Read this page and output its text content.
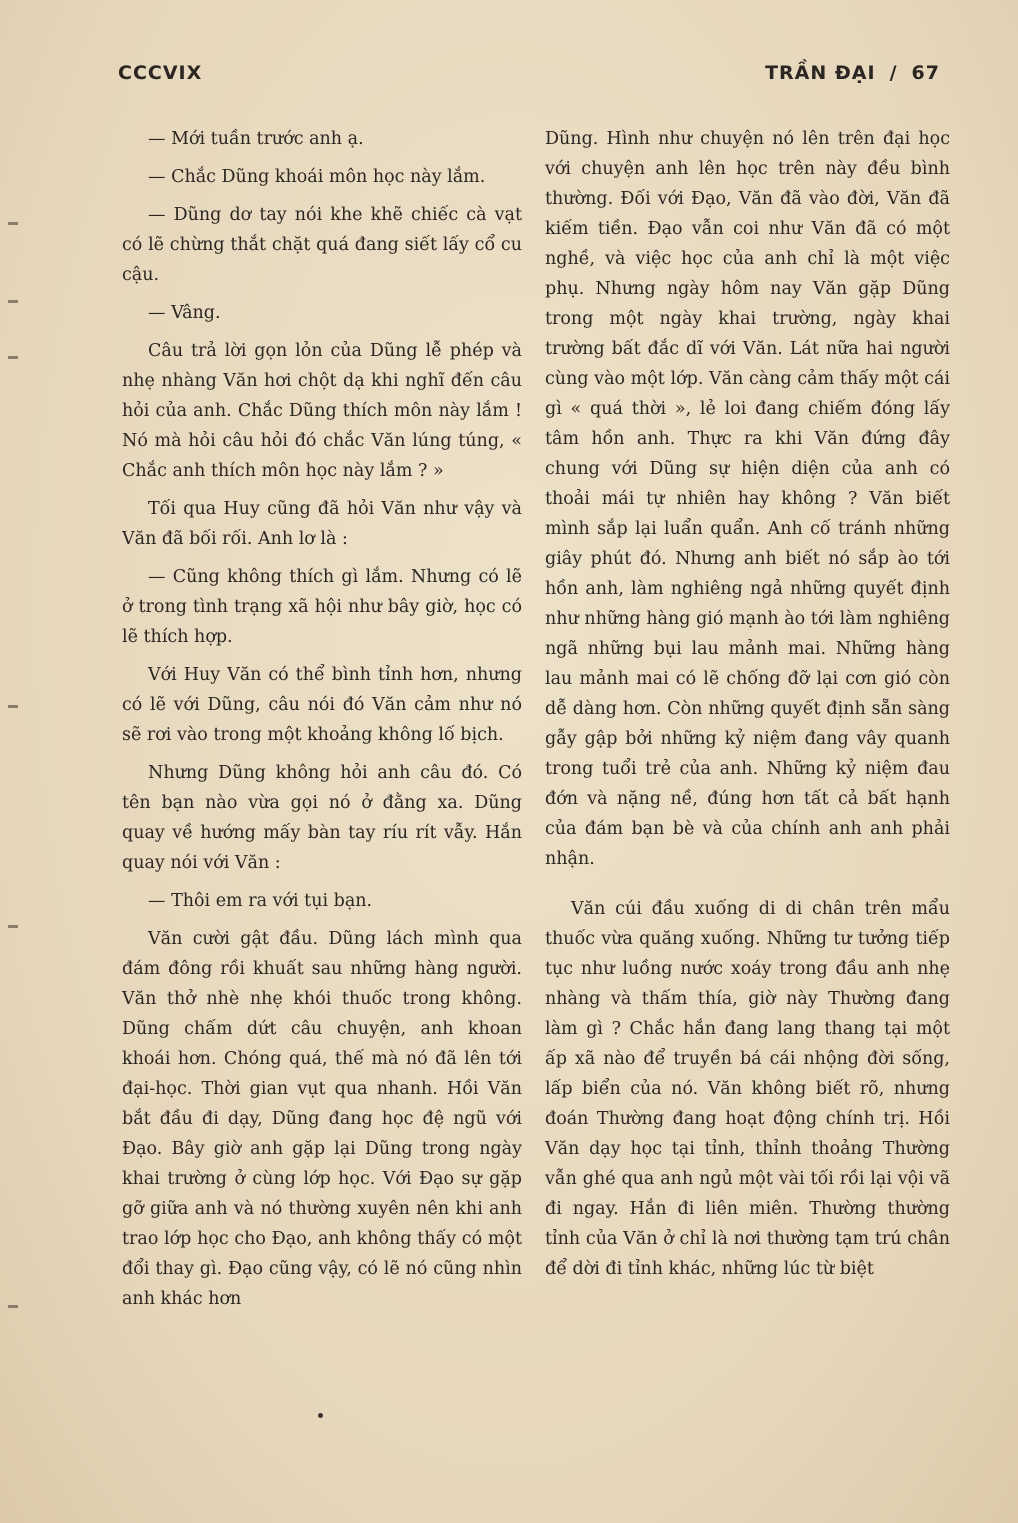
CCCVIX	TRẦN ĐẠI / 67

— Mới tuần trước anh ạ.

— Chắc Dũng khoái môn học này lắm.

— Dũng dơ tay nói khe khẽ chiếc cà vạt có lẽ chừng thắt chặt quá đang siết lấy cổ cu cậu.

— Vâng.

Câu trả lời gọn lỏn của Dũng lễ phép và nhẹ nhàng Văn hơi chột dạ khi nghĩ đến câu hỏi của anh. Chắc Dũng thích môn này lắm ! Nó mà hỏi câu hỏi đó chắc Văn lúng túng, « Chắc anh thích môn học này lắm ? »

Tối qua Huy cũng đã hỏi Văn như vậy và Văn đã bối rối. Anh lơ là :

— Cũng không thích gì lắm. Nhưng có lẽ ở trong tình trạng xã hội như bây giờ, học có lẽ thích hợp.

Với Huy Văn có thể bình tỉnh hơn, nhưng có lẽ với Dũng, câu nói đó Văn cảm như nó sẽ rơi vào trong một khoảng không lố bịch.

Nhưng Dũng không hỏi anh câu đó. Có tên bạn nào vừa gọi nó ở đằng xa. Dũng quay về hướng mấy bàn tay ríu rít vẫy. Hắn quay nói với Văn :

— Thôi em ra với tụi bạn.

Văn cười gật đầu. Dũng lách mình qua đám đông rồi khuất sau những hàng người. Văn thở nhè nhẹ khói thuốc trong không. Dũng chấm dứt câu chuyện, anh khoan khoái hơn. Chóng quá, thế mà nó đã lên tới đại-học. Thời gian vụt qua nhanh. Hồi Văn bắt đầu đi dạy, Dũng đang học đệ ngũ với Đạo. Bây giờ anh gặp lại Dũng trong ngày khai trường ở cùng lớp học. Với Đạo sự gặp gỡ giữa anh và nó thường xuyên nên khi anh trao lớp học cho Đạo, anh không thấy có một đổi thay gì. Đạo cũng vậy, có lẽ nó cũng nhìn anh khác hơn

Dũng. Hình như chuyện nó lên trên đại học với chuyện anh lên học trên này đều bình thường. Đối với Đạo, Văn đã vào đời, Văn đã kiếm tiền. Đạo vẫn coi như Văn đã có một nghề, và việc học của anh chỉ là một việc phụ. Nhưng ngày hôm nay Văn gặp Dũng trong một ngày khai trường, ngày khai trường bất đắc dĩ với Văn. Lát nữa hai người cùng vào một lớp. Văn càng cảm thấy một cái gì « quá thời », lẻ loi đang chiếm đóng lấy tâm hồn anh. Thực ra khi Văn đứng đây chung với Dũng sự hiện diện của anh có thoải mái tự nhiên hay không ? Văn biết mình sắp lại luẩn quẩn. Anh cố tránh những giây phút đó. Nhưng anh biết nó sắp ào tới hồn anh, làm nghiêng ngả những quyết định như những hàng gió mạnh ào tới làm nghiêng ngã những bụi lau mảnh mai. Những hàng lau mảnh mai có lẽ chống đỡ lại cơn gió còn dễ dàng hơn. Còn những quyết định sẵn sàng gẫy gập bởi những kỷ niệm đang vây quanh trong tuổi trẻ của anh. Những kỷ niệm đau đớn và nặng nề, đúng hơn tất cả bất hạnh của đám bạn bè và của chính anh anh phải nhận.

Văn cúi đầu xuống di di chân trên mẩu thuốc vừa quăng xuống. Những tư tưởng tiếp tục như luồng nước xoáy trong đầu anh nhẹ nhàng và thấm thía, giờ này Thường đang làm gì ? Chắc hắn đang lang thang tại một ấp xã nào để truyền bá cái nhộng đời sống, lấp biển của nó. Văn không biết rõ, nhưng đoán Thường đang hoạt động chính trị. Hồi Văn dạy học tại tỉnh, thỉnh thoảng Thường vẫn ghé qua anh ngủ một vài tối rồi lại vội vã đi ngay. Hắn đi liên miên. Thường thường tỉnh của Văn ở chỉ là nơi thường tạm trú chân để dời đi tỉnh khác, những lúc từ biệt
